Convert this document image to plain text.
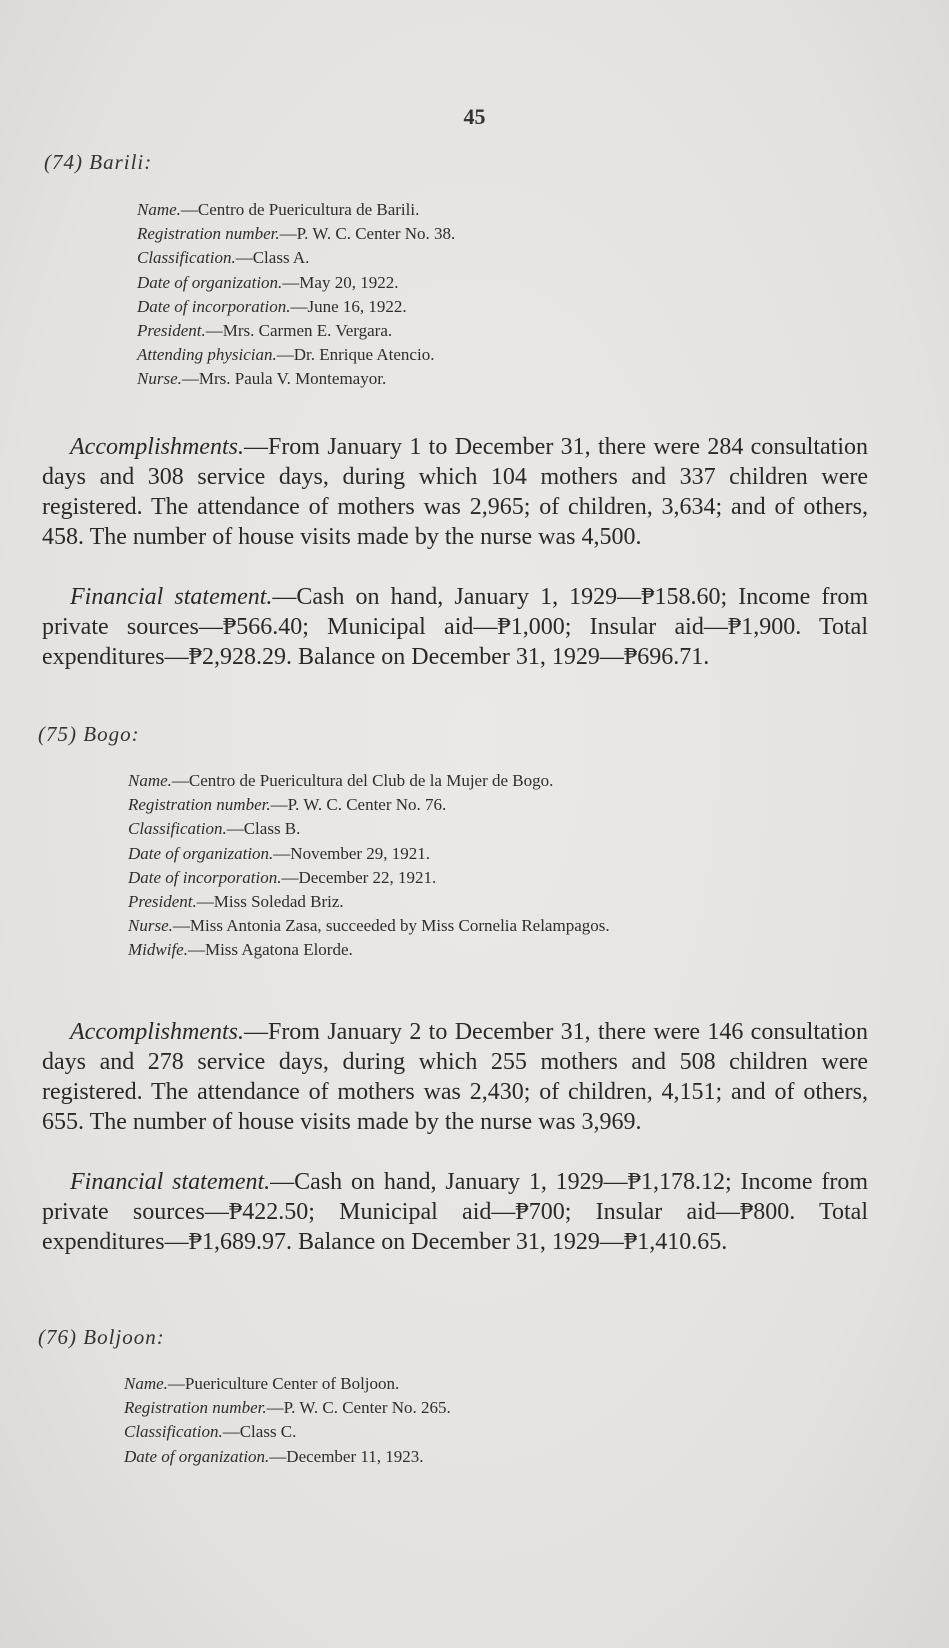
45
(74) Barili:
Name.—Centro de Puericultura de Barili.
Registration number.—P. W. C. Center No. 38.
Classification.—Class A.
Date of organization.—May 20, 1922.
Date of incorporation.—June 16, 1922.
President.—Mrs. Carmen E. Vergara.
Attending physician.—Dr. Enrique Atencio.
Nurse.—Mrs. Paula V. Montemayor.

Accomplishments.—From January 1 to December 31, there were 284 consultation days and 308 service days, during which 104 mothers and 337 children were registered. The attendance of mothers was 2,965; of children, 3,634; and of others, 458. The number of house visits made by the nurse was 4,500.

Financial statement.—Cash on hand, January 1, 1929—₱158.60; Income from private sources—₱566.40; Municipal aid—₱1,000; Insular aid—₱1,900. Total expenditures—₱2,928.29. Balance on December 31, 1929—₱696.71.

(75) Bogo:
Name.—Centro de Puericultura del Club de la Mujer de Bogo.
Registration number.—P. W. C. Center No. 76.
Classification.—Class B.
Date of organization.—November 29, 1921.
Date of incorporation.—December 22, 1921.
President.—Miss Soledad Briz.
Nurse.—Miss Antonia Zasa, succeeded by Miss Cornelia Relampagos.
Midwife.—Miss Agatona Elorde.

Accomplishments.—From January 2 to December 31, there were 146 consultation days and 278 service days, during which 255 mothers and 508 children were registered. The attendance of mothers was 2,430; of children, 4,151; and of others, 655. The number of house visits made by the nurse was 3,969.

Financial statement.—Cash on hand, January 1, 1929—₱1,178.12; Income from private sources—₱422.50; Municipal aid—₱700; Insular aid—₱800. Total expenditures—₱1,689.97. Balance on December 31, 1929—₱1,410.65.

(76) Boljoon:
Name.—Puericulture Center of Boljoon.
Registration number.—P. W. C. Center No. 265.
Classification.—Class C.
Date of organization.—December 11, 1923.
